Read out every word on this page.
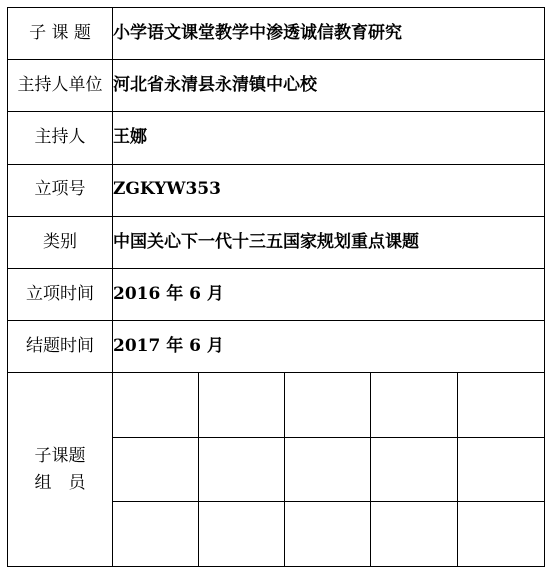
子 课 题	小学语文课堂教学中渗透诚信教育研究				
主持人单位	河北省永清县永清镇中心校				
主持人	王娜				
立项号	ZGKYW353				
类别	中国关心下一代十三五国家规划重点课题				
立项时间	2016 年 6 月				
结题时间	2017 年 6 月				

子课题
组　员					
